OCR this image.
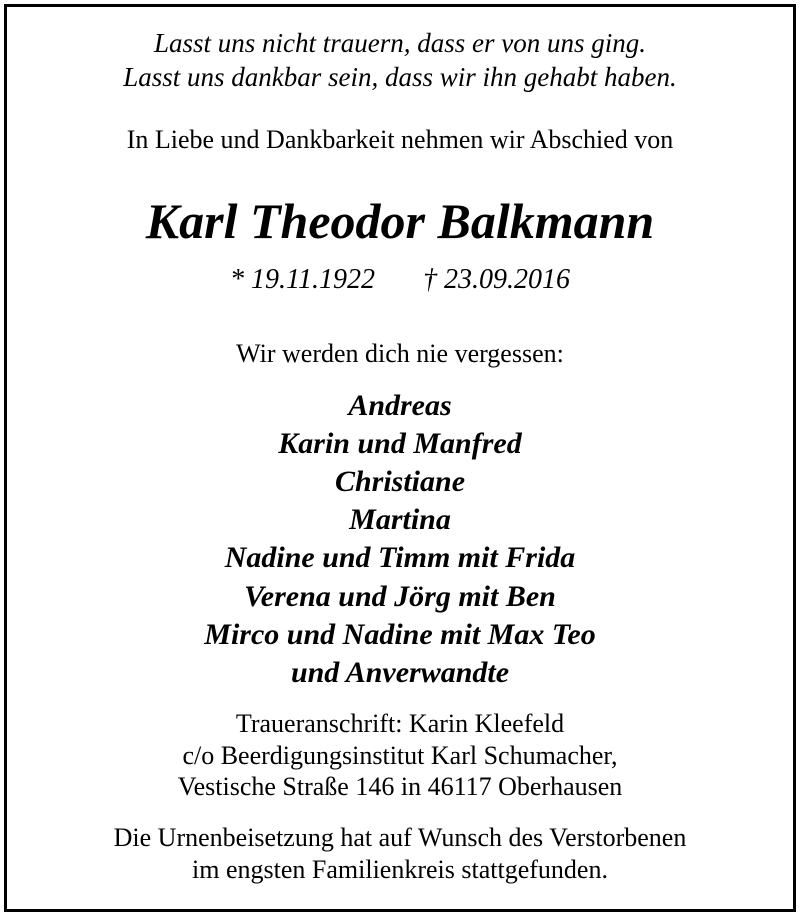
Lasst uns nicht trauern, dass er von uns ging.
Lasst uns dankbar sein, dass wir ihn gehabt haben.
In Liebe und Dankbarkeit nehmen wir Abschied von
Karl Theodor Balkmann
* 19.11.1922 † 23.09.2016
Wir werden dich nie vergessen:
Andreas
Karin und Manfred
Christiane
Martina
Nadine und Timm mit Frida
Verena und Jörg mit Ben
Mirco und Nadine mit Max Teo
und Anverwandte
Traueranschrift: Karin Kleefeld
c/o Beerdigungsinstitut Karl Schumacher,
Vestische Straße 146 in 46117 Oberhausen
Die Urnenbeisetzung hat auf Wunsch des Verstorbenen
im engsten Familienkreis stattgefunden.
